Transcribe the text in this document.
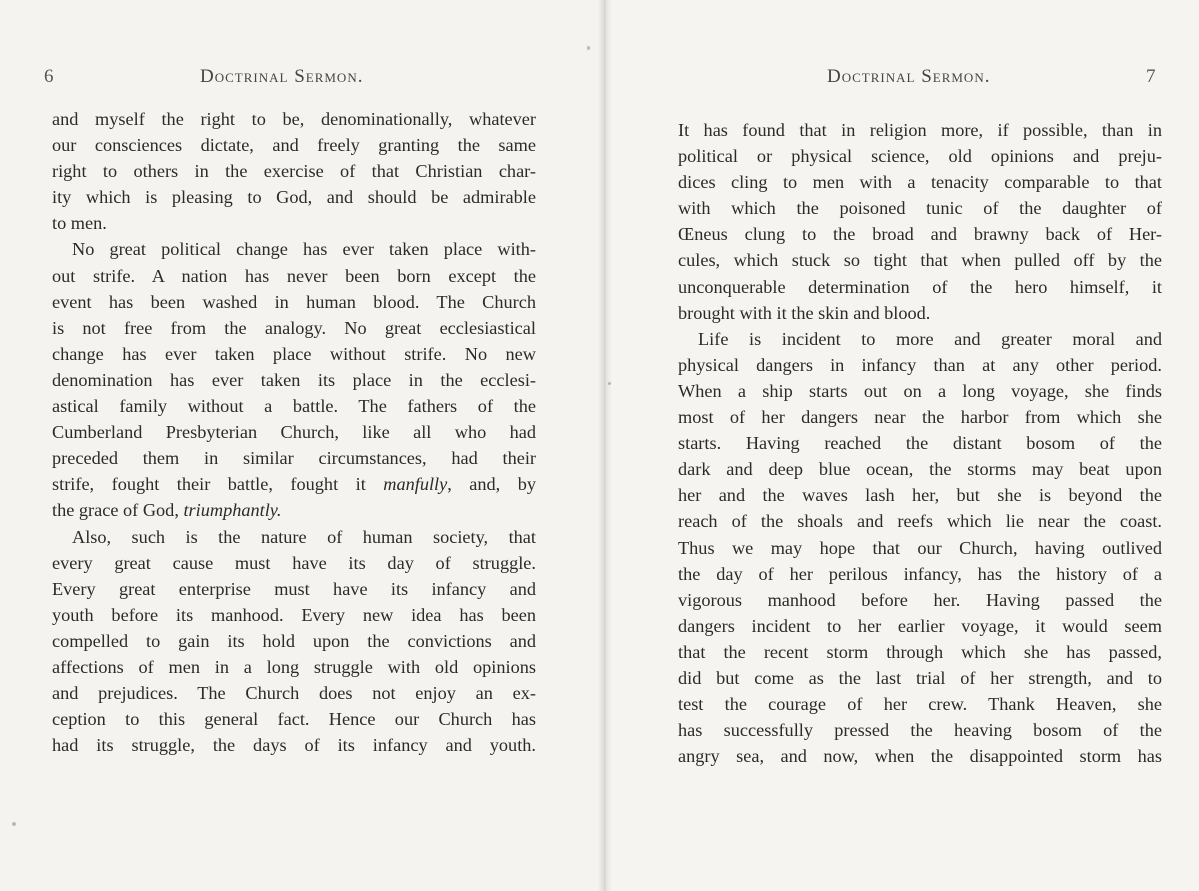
6	Doctrinal Sermon.
and myself the right to be, denominationally, whatever
our consciences dictate, and freely granting the same
right to others in the exercise of that Christian char-
ity which is pleasing to God, and should be admirable
to men.
No great political change has ever taken place with-
out strife. A nation has never been born except the
event has been washed in human blood. The Church
is not free from the analogy. No great ecclesiastical
change has ever taken place without strife. No new
denomination has ever taken its place in the ecclesi-
astical family without a battle. The fathers of the
Cumberland Presbyterian Church, like all who had
preceded them in similar circumstances, had their
strife, fought their battle, fought it manfully, and, by
the grace of God, triumphantly.
Also, such is the nature of human society, that
every great cause must have its day of struggle.
Every great enterprise must have its infancy and
youth before its manhood. Every new idea has been
compelled to gain its hold upon the convictions and
affections of men in a long struggle with old opinions
and prejudices. The Church does not enjoy an ex-
ception to this general fact. Hence our Church has
had its struggle, the days of its infancy and youth.
Doctrinal Sermon.	7
It has found that in religion more, if possible, than in
political or physical science, old opinions and preju-
dices cling to men with a tenacity comparable to that
with which the poisoned tunic of the daughter of
Œneus clung to the broad and brawny back of Her-
cules, which stuck so tight that when pulled off by the
unconquerable determination of the hero himself, it
brought with it the skin and blood.
Life is incident to more and greater moral and
physical dangers in infancy than at any other period.
When a ship starts out on a long voyage, she finds
most of her dangers near the harbor from which she
starts. Having reached the distant bosom of the
dark and deep blue ocean, the storms may beat upon
her and the waves lash her, but she is beyond the
reach of the shoals and reefs which lie near the coast.
Thus we may hope that our Church, having outlived
the day of her perilous infancy, has the history of a
vigorous manhood before her. Having passed the
dangers incident to her earlier voyage, it would seem
that the recent storm through which she has passed,
did but come as the last trial of her strength, and to
test the courage of her crew. Thank Heaven, she
has successfully pressed the heaving bosom of the
angry sea, and now, when the disappointed storm has
